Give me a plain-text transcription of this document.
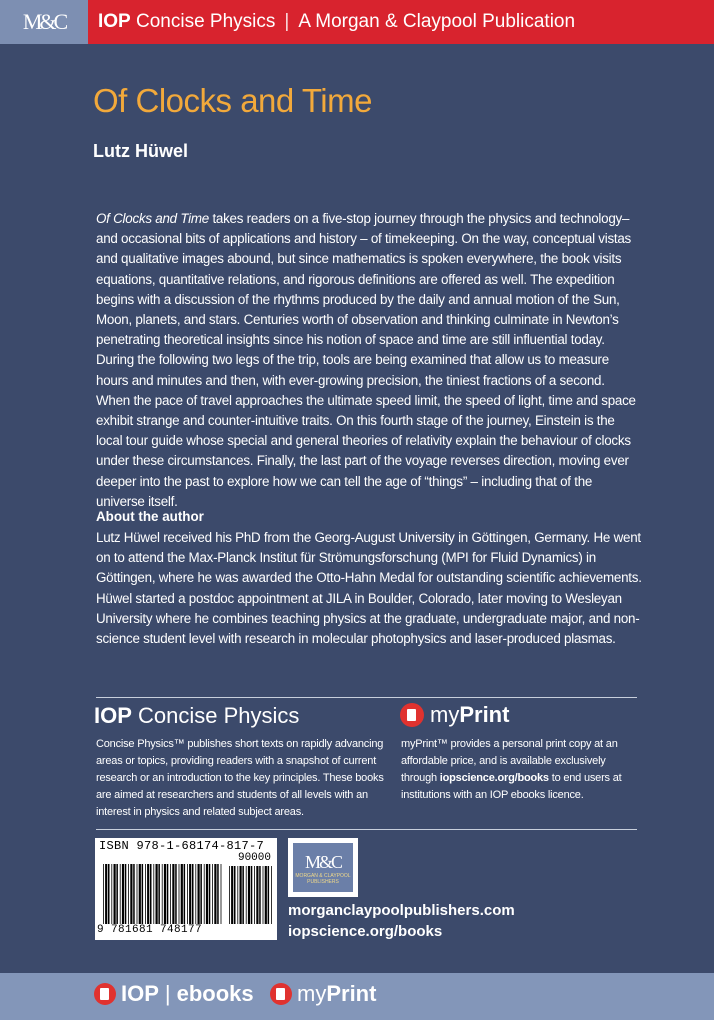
M&C IOP Concise Physics | A Morgan & Claypool Publication
Of Clocks and Time
Lutz Hüwel

Of Clocks and Time takes readers on a five-stop journey through the physics and technology– and occasional bits of applications and history – of timekeeping. On the way, conceptual vistas and qualitative images abound, but since mathematics is spoken everywhere, the book visits equations, quantitative relations, and rigorous definitions are offered as well. The expedition begins with a discussion of the rhythms produced by the daily and annual motion of the Sun, Moon, planets, and stars. Centuries worth of observation and thinking culminate in Newton’s penetrating theoretical insights since his notion of space and time are still influential today. During the following two legs of the trip, tools are being examined that allow us to measure hours and minutes and then, with ever-growing precision, the tiniest fractions of a second. When the pace of travel approaches the ultimate speed limit, the speed of light, time and space exhibit strange and counter-intuitive traits. On this fourth stage of the journey, Einstein is the local tour guide whose special and general theories of relativity explain the behaviour of clocks under these circumstances. Finally, the last part of the voyage reverses direction, moving ever deeper into the past to explore how we can tell the age of “things” – including that of the universe itself.

About the author

Lutz Hüwel received his PhD from the Georg-August University in Göttingen, Germany. He went on to attend the Max-Planck Institut für Strömungsforschung (MPI for Fluid Dynamics) in Göttingen, where he was awarded the Otto-Hahn Medal for outstanding scientific achievements. Hüwel started a postdoc appointment at JILA in Boulder, Colorado, later moving to Wesleyan University where he combines teaching physics at the graduate, undergraduate major, and non-science student level with research in molecular photophysics and laser-produced plasmas.

IOP Concise Physics

Concise Physics™ publishes short texts on rapidly advancing areas or topics, providing readers with a snapshot of current research or an introduction to the key principles. These books are aimed at researchers and students of all levels with an interest in physics and related subject areas.

my Print

myPrint™ provides a personal print copy at an affordable price, and is available exclusively through iopscience.org/books to end users at institutions with an IOP ebooks licence.

ISBN 978-1-68174-817-7
90000
9 781681 748177
M&C
MORGAN & CLAYPOOL PUBLISHERS
morganclaypoolpublishers.com
iopscience.org/books
IOP | ebooks my Print
